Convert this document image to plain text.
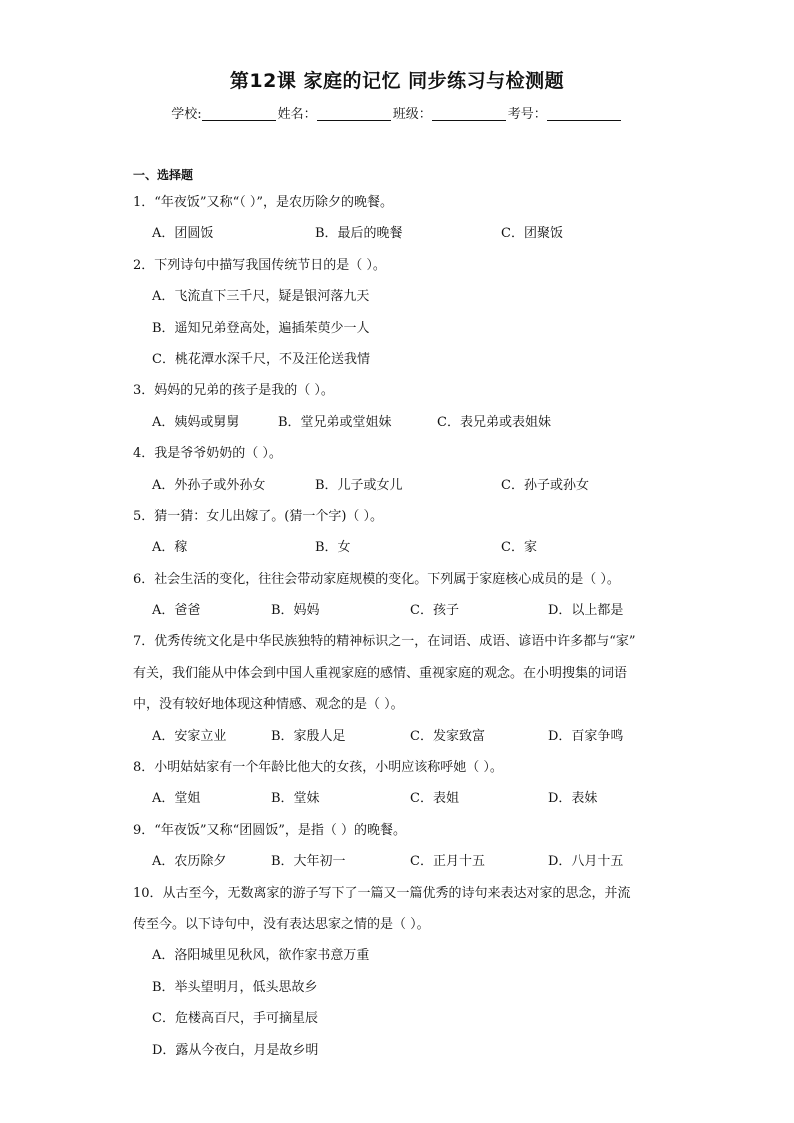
第12课 家庭的记忆 同步练习与检测题
学校:	姓名：	班级：	考号：
一、选择题
1．“年夜饭”又称“（ ）”，是农历除夕的晚餐。
A．团圆饭	B．最后的晚餐	C．团聚饭
2．下列诗句中描写我国传统节日的是（ ）。
A．飞流直下三千尺，疑是银河落九天
B．遥知兄弟登高处，遍插茱萸少一人
C．桃花潭水深千尺，不及汪伦送我情
3．妈妈的兄弟的孩子是我的（ ）。
A．姨妈或舅舅	B．堂兄弟或堂姐妹	C．表兄弟或表姐妹
4．我是爷爷奶奶的（ ）。
A．外孙子或外孙女	B．儿子或女儿	C．孙子或孙女
5．猜一猜：女儿出嫁了。(猜一个字)（ ）。
A．稼	B．女	C．家
6．社会生活的变化，往往会带动家庭规模的变化。下列属于家庭核心成员的是（ ）。
A．爸爸	B．妈妈	C．孩子	D．以上都是
7．优秀传统文化是中华民族独特的精神标识之一，在词语、成语、谚语中许多都与“家”
有关，我们能从中体会到中国人重视家庭的感情、重视家庭的观念。在小明搜集的词语
中，没有较好地体现这种情感、观念的是（ ）。
A．安家立业	B．家殷人足	C．发家致富	D．百家争鸣
8．小明姑姑家有一个年龄比他大的女孩，小明应该称呼她（ ）。
A．堂姐	B．堂妹	C．表姐	D．表妹
9．“年夜饭”又称“团圆饭”，是指（ ）的晚餐。
A．农历除夕	B．大年初一	C．正月十五	D．八月十五
10．从古至今，无数离家的游子写下了一篇又一篇优秀的诗句来表达对家的思念，并流
传至今。以下诗句中，没有表达思家之情的是（ ）。
A．洛阳城里见秋风，欲作家书意万重
B．举头望明月，低头思故乡
C．危楼高百尺，手可摘星辰
D．露从今夜白，月是故乡明
